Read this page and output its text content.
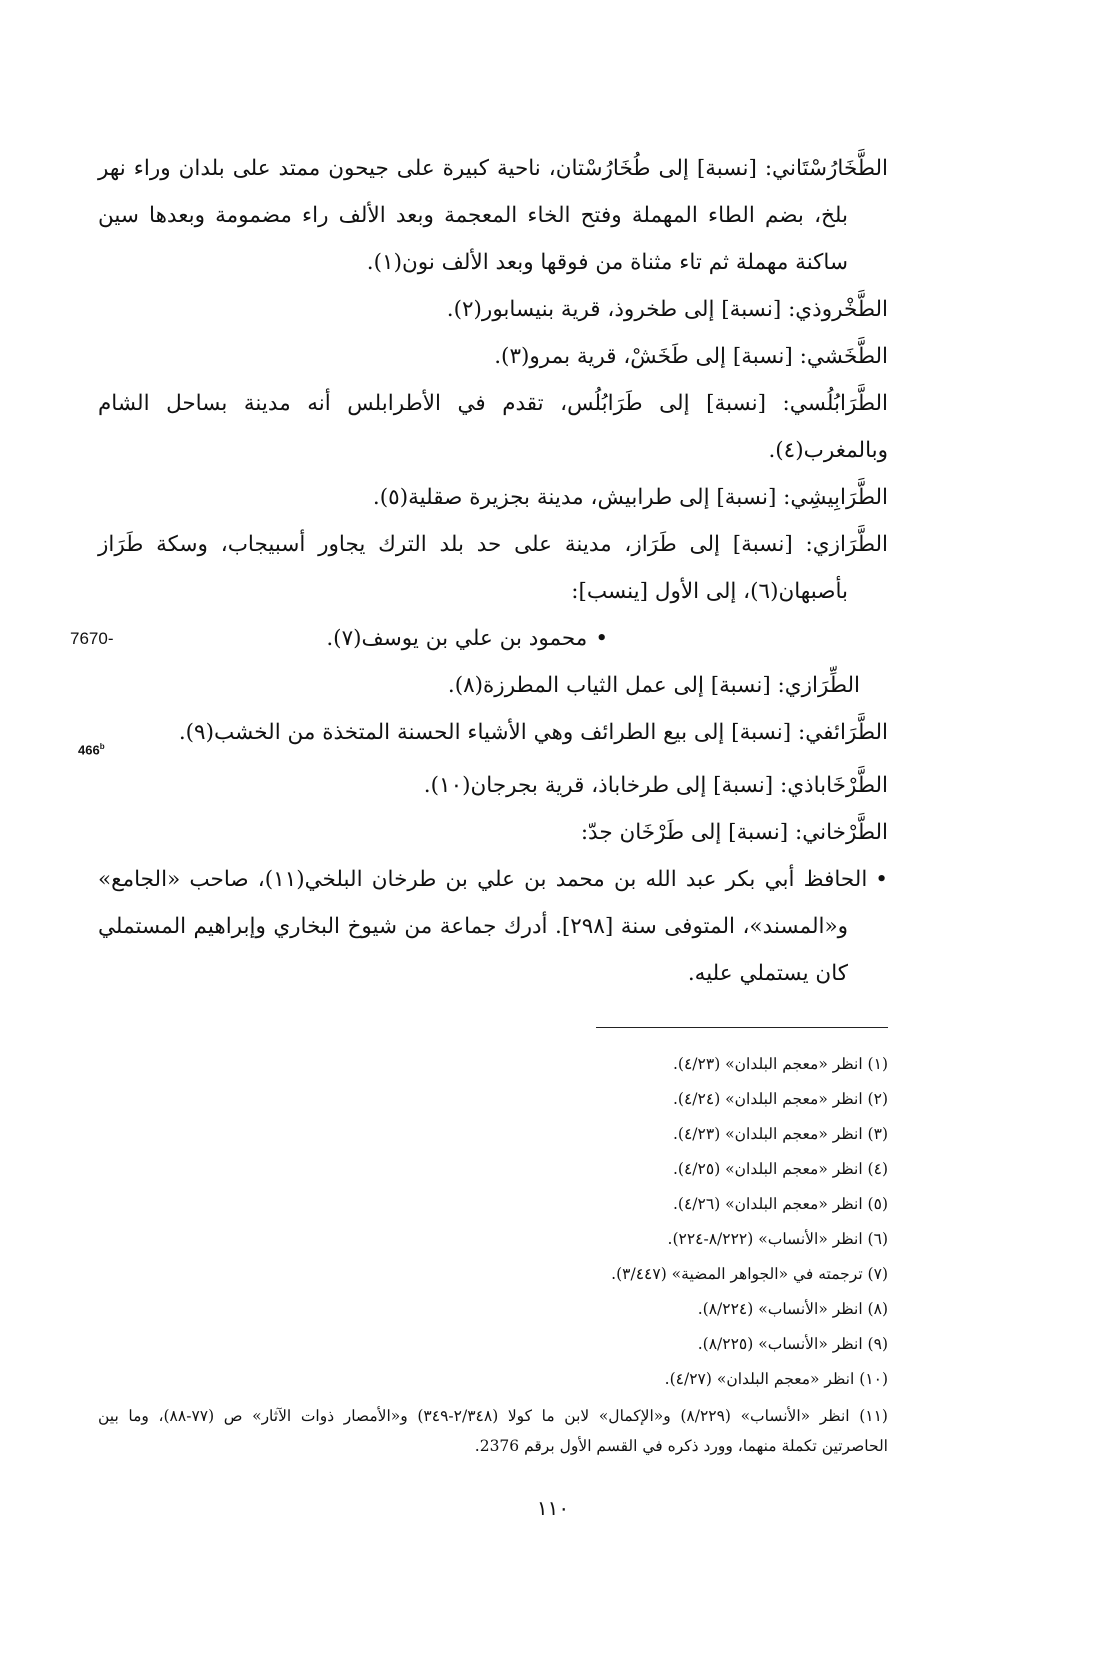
الطَّخَارُسْتَاني: [نسبة] إلى طُخَارُسْتان، ناحية كبيرة على جيحون ممتد على بلدان وراء نهر بلخ، بضم الطاء المهملة وفتح الخاء المعجمة وبعد الألف راء مضمومة وبعدها سين ساكنة مهملة ثم تاء مثناة من فوقها وبعد الألف نون(١).
الطَّخْروذي: [نسبة] إلى طخروذ، قرية بنيسابور(٢).
الطَّخَشي: [نسبة] إلى طَخَشْ، قرية بمرو(٣).
الطَّرَابُلُسي: [نسبة] إلى طَرَابُلُس، تقدم في الأطرابلس أنه مدينة بساحل الشام وبالمغرب(٤).
الطَّرَابِيشِي: [نسبة] إلى طرابيش، مدينة بجزيرة صقلية(٥).
الطَّرَازي: [نسبة] إلى طَرَاز، مدينة على حد بلد الترك يجاور أسبيجاب، وسكة طَرَاز بأصبهان(٦)، إلى الأول [ينسب]:
7670-	•محمود بن علي بن يوسف(٧).
الطِّرَازي: [نسبة] إلى عمل الثياب المطرزة(٨).
الطَّرَائفي: [نسبة] إلى بيع الطرائف وهي الأشياء الحسنة المتخذة من الخشب(٩).
466$^b$
الطَّرْخَاباذي: [نسبة] إلى طرخاباذ، قرية بجرجان(١٠).
الطَّرْخاني: [نسبة] إلى طَرْخَان جدّ:
•الحافظ أبي بكر عبد الله بن محمد بن علي بن طرخان البلخي(١١)، صاحب «الجامع» و«المسند»، المتوفى سنة [٢٩٨]. أدرك جماعة من شيوخ البخاري وإبراهيم المستملي كان يستملي عليه.
(١) انظر «معجم البلدان» (٤/٢٣).
(٢) انظر «معجم البلدان» (٤/٢٤).
(٣) انظر «معجم البلدان» (٤/٢٣).
(٤) انظر «معجم البلدان» (٤/٢٥).
(٥) انظر «معجم البلدان» (٤/٢٦).
(٦) انظر «الأنساب» (٨/٢٢٢-٢٢٤).
(٧) ترجمته في «الجواهر المضية» (٣/٤٤٧).
(٨) انظر «الأنساب» (٨/٢٢٤).
(٩) انظر «الأنساب» (٨/٢٢٥).
(١٠) انظر «معجم البلدان» (٤/٢٧).
(١١) انظر «الأنساب» (٨/٢٢٩) و«الإكمال» لابن ما كولا (٢/٣٤٨-٣٤٩) و«الأمصار ذوات الآثار» ص (٧٧-٨٨)، وما بين الحاصرتين تكملة منهما، وورد ذكره في القسم الأول برقم 2376.
١١٠
